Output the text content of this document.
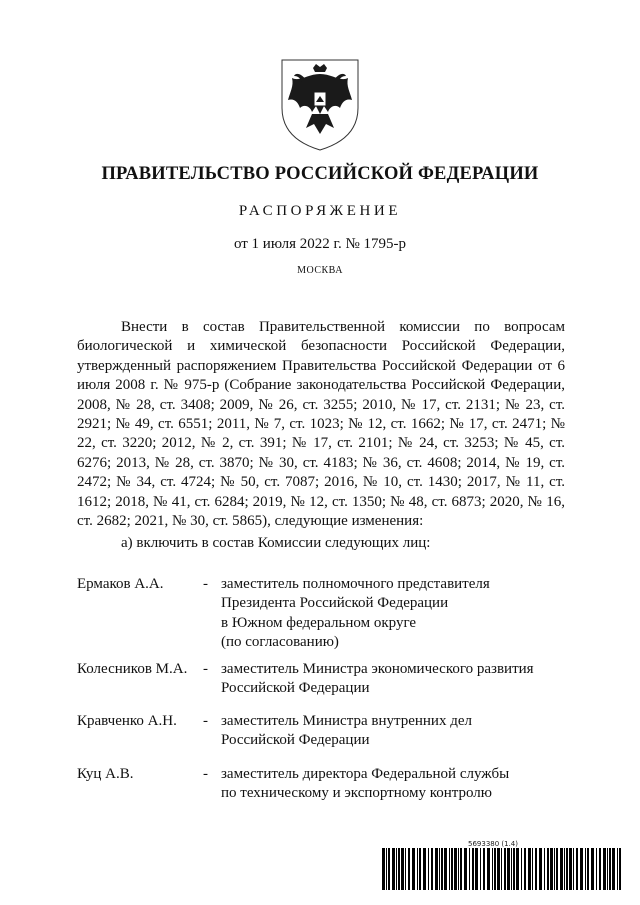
ПРАВИТЕЛЬСТВО РОССИЙСКОЙ ФЕДЕРАЦИИ
РАСПОРЯЖЕНИЕ
от 1 июля 2022 г. № 1795-р
МОСКВА

Внести в состав Правительственной комиссии по вопросам биологической и химической безопасности Российской Федерации, утвержденный распоряжением Правительства Российской Федерации от 6 июля 2008 г. № 975-р (Собрание законодательства Российской Федерации, 2008, № 28, ст. 3408; 2009, № 26, ст. 3255; 2010, № 17, ст. 2131; № 23, ст. 2921; № 49, ст. 6551; 2011, № 7, ст. 1023; № 12, ст. 1662; № 17, ст. 2471; № 22, ст. 3220; 2012, № 2, ст. 391; № 17, ст. 2101; № 24, ст. 3253; № 45, ст. 6276; 2013, № 28, ст. 3870; № 30, ст. 4183; № 36, ст. 4608; 2014, № 19, ст. 2472; № 34, ст. 4724; № 50, ст. 7087; 2016, № 10, ст. 1430; 2017, № 11, ст. 1612; 2018, № 41, ст. 6284; 2019, № 12, ст. 1350; № 48, ст. 6873; 2020, № 16, ст. 2682; 2021, № 30, ст. 5865), следующие изменения:

а) включить в состав Комиссии следующих лиц:
Ермаков А.А.	- заместитель полномочного представителя
Президента Российской Федерации
в Южном федеральном округе
(по согласованию)
Колесников М.А. - заместитель Министра экономического развития
Российской Федерации
Кравченко А.Н. - заместитель Министра внутренних дел
Российской Федерации
Куц А.В.	- заместитель директора Федеральной службы
по техническому и экспортному контролю
5693380 (1.4)
